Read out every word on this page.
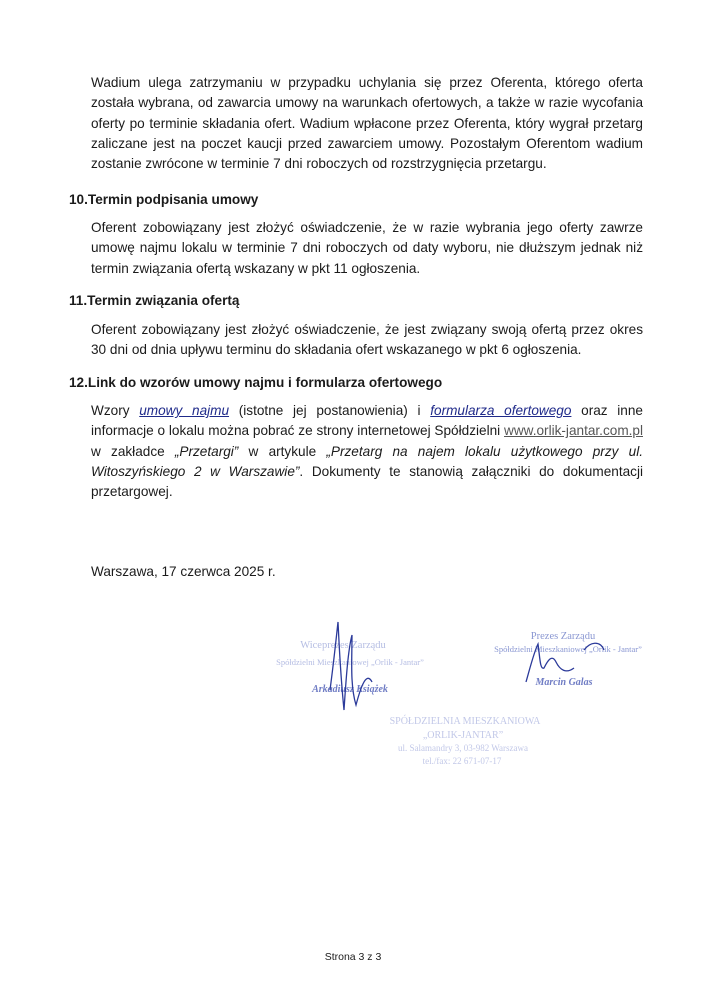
Wadium ulega zatrzymaniu w przypadku uchylania się przez Oferenta, którego oferta została wybrana, od zawarcia umowy na warunkach ofertowych, a także w razie wycofania oferty po terminie składania ofert. Wadium wpłacone przez Oferenta, który wygrał przetarg zaliczane jest na poczet kaucji przed zawarciem umowy. Pozostałym Oferentom wadium zostanie zwrócone w terminie 7 dni roboczych od rozstrzygnięcia przetargu.

10.Termin podpisania umowy

Oferent zobowiązany jest złożyć oświadczenie, że w razie wybrania jego oferty zawrze umowę najmu lokalu w terminie 7 dni roboczych od daty wyboru, nie dłuższym jednak niż termin związania ofertą wskazany w pkt 11 ogłoszenia.

11.Termin związania ofertą

Oferent zobowiązany jest złożyć oświadczenie, że jest związany swoją ofertą przez okres 30 dni od dnia upływu terminu do składania ofert wskazanego w pkt 6 ogłoszenia.

12.Link do wzorów umowy najmu i formularza ofertowego

Wzory umowy najmu (istotne jej postanowienia) i formularza ofertowego oraz inne informacje o lokalu można pobrać ze strony internetowej Spółdzielni www.orlik-jantar.com.pl w zakładce „Przetargi” w artykule „Przetarg na najem lokalu użytkowego przy ul. Witoszyńskiego 2 w Warszawie”. Dokumenty te stanowią załączniki do dokumentacji przetargowej.

Warszawa, 17 czerwca 2025 r.
Wiceprezes Zarządu
Spółdzielni Mieszkaniowej „Orlik - Jantar”
Arkadiusz Książek
Prezes Zarządu
Spółdzielni Mieszkaniowej „Orlik - Jantar”
Marcin Galas
SPÓŁDZIELNIA MIESZKANIOWA
„ORLIK-JANTAR”
ul. Salamandry 3, 03-982 Warszawa
tel./fax: 22 671-07-17
Strona 3 z 3
